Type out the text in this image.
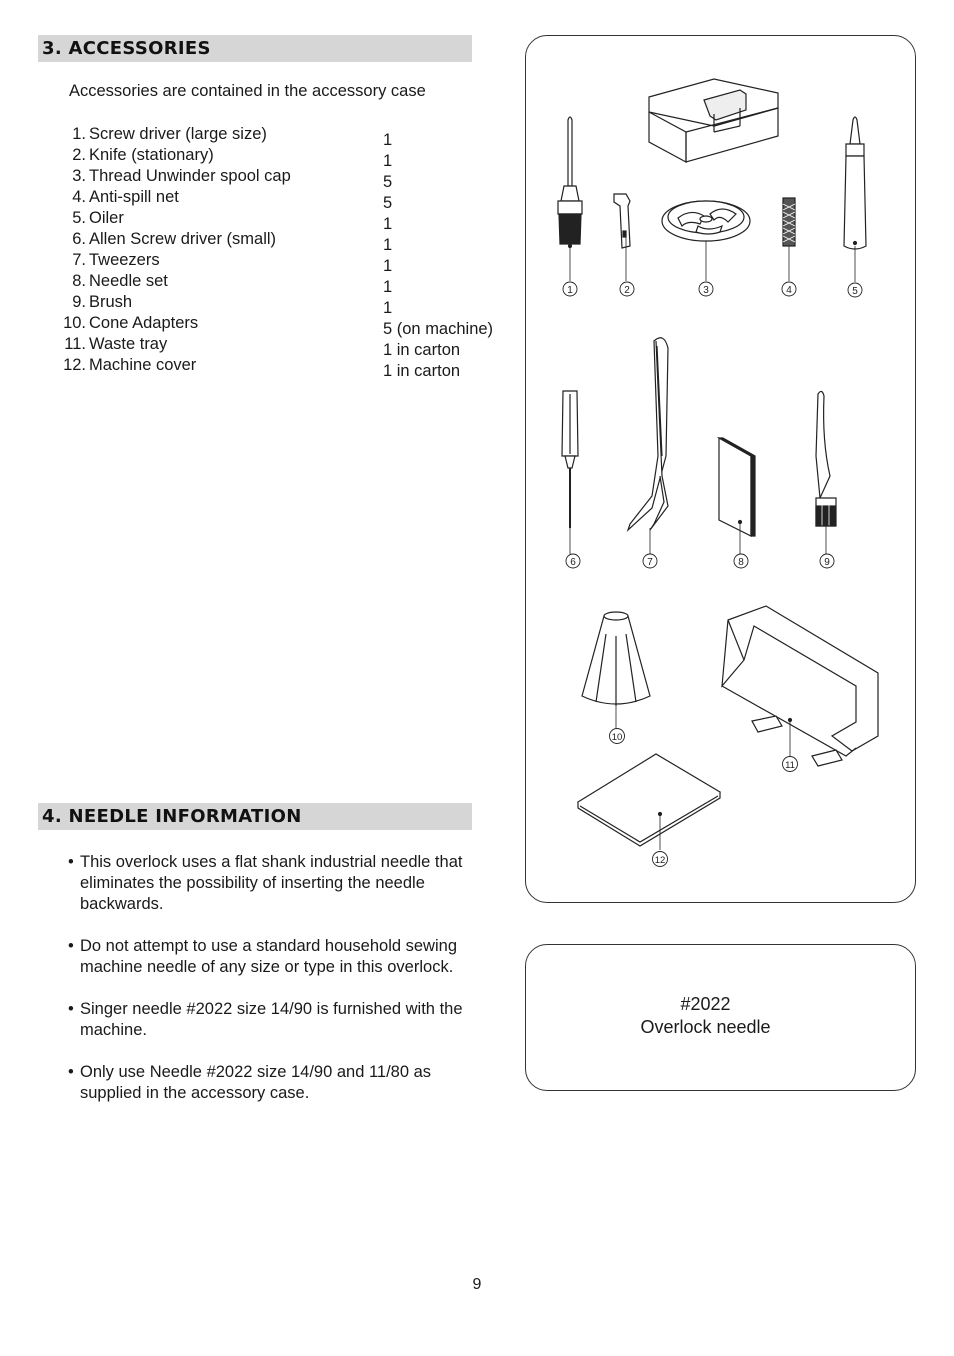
3. ACCESSORIES
Accessories are contained in the accessory case
1. Screw driver (large size)	1
2. Knife (stationary)	1
3. Thread Unwinder spool cap	5
4. Anti-spill net	5
5. Oiler	1
6. Allen Screw driver (small)	1
7. Tweezers	1
8. Needle set	1
9. Brush	1
10. Cone Adapters	5 (on machine)
11. Waste tray	1 in carton
12. Machine cover	1 in carton
1	2	3	4	5
6	7	8	9
10
11
12
4. NEEDLE INFORMATION
• This overlock uses a flat shank industrial needle that eliminates the possibility of inserting the needle backwards.
• Do not attempt to use a standard household sewing machine needle of any size or type in this overlock.
• Singer needle #2022 size 14/90 is furnished with the machine.
• Only use Needle #2022 size 14/90 and 11/80 as supplied in the accessory case.
#2022
Overlock needle
9
